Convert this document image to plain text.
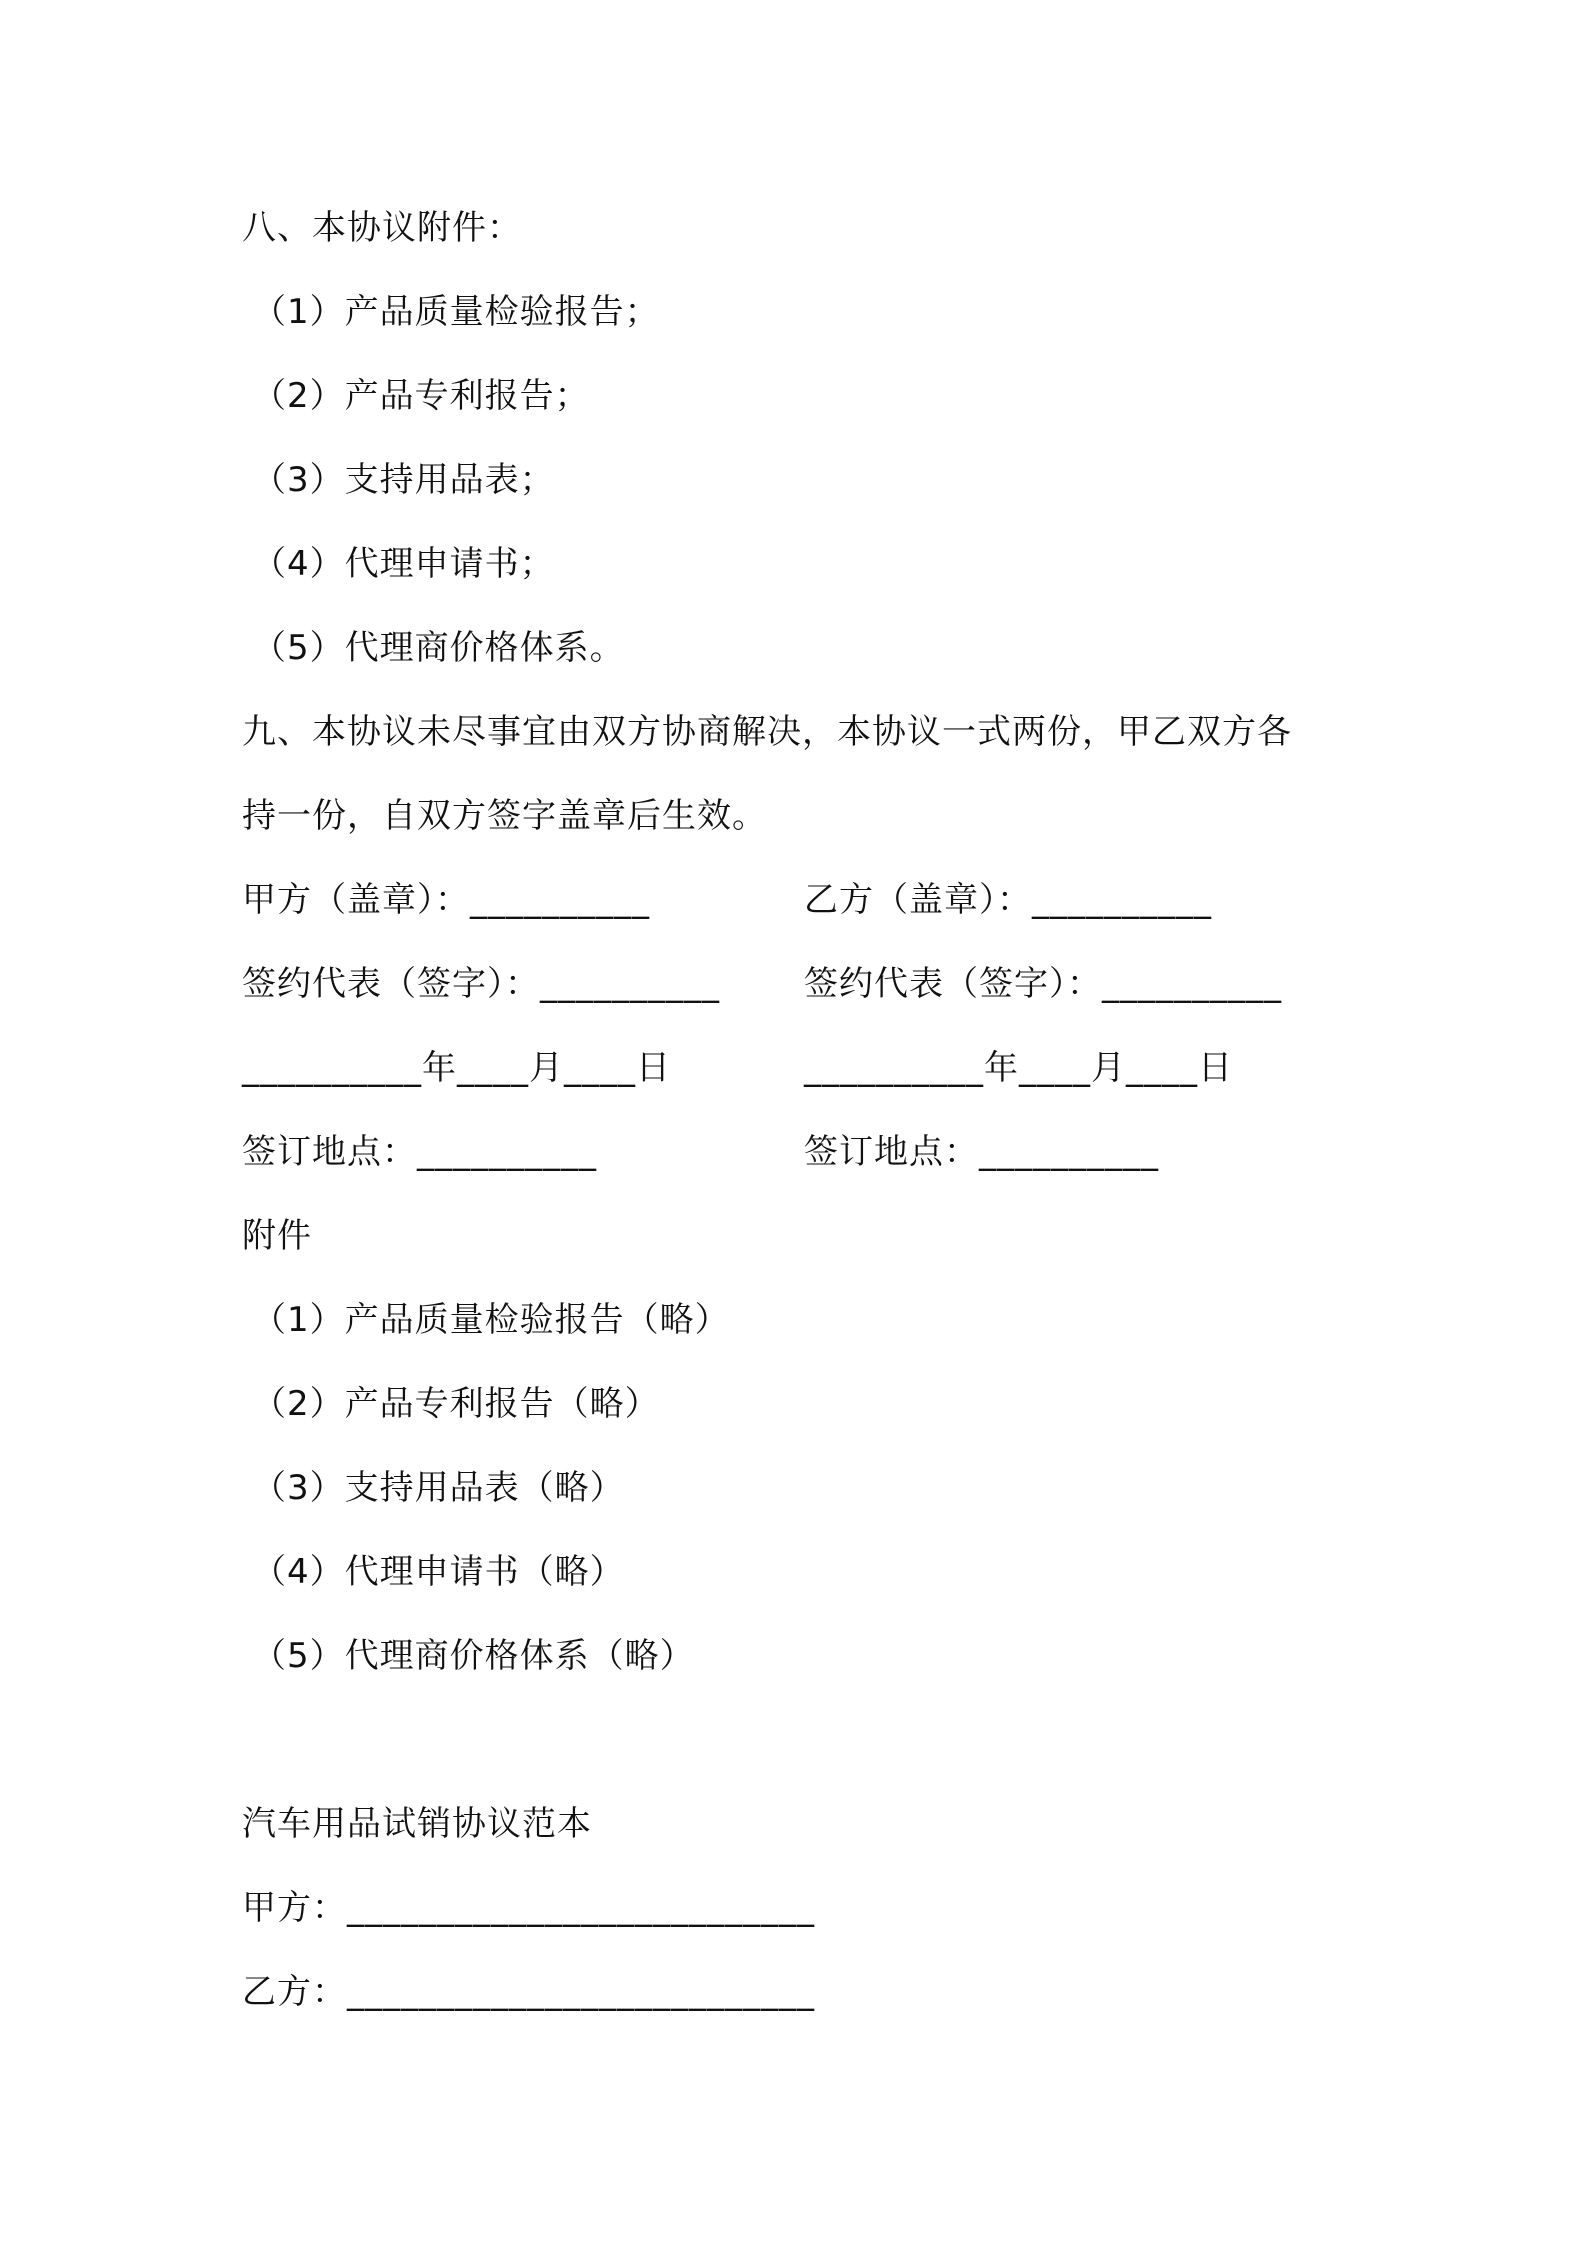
八、本协议附件：
（1）产品质量检验报告；
（2）产品专利报告；
（3）支持用品表；
（4）代理申请书；
（5）代理商价格体系。
九、本协议未尽事宜由双方协商解决，本协议一式两份，甲乙双方各
持一份，自双方签字盖章后生效。
甲方（盖章）：__________	乙方（盖章）：__________
签约代表（签字）：__________ 签约代表（签字）：__________
__________年____月____日	__________年____月____日
签订地点：__________	签订地点：__________
附件
（1）产品质量检验报告（略）
（2）产品专利报告（略）
（3）支持用品表（略）
（4）代理申请书（略）
（5）代理商价格体系（略）
汽车用品试销协议范本
甲方：__________________________
乙方：__________________________
